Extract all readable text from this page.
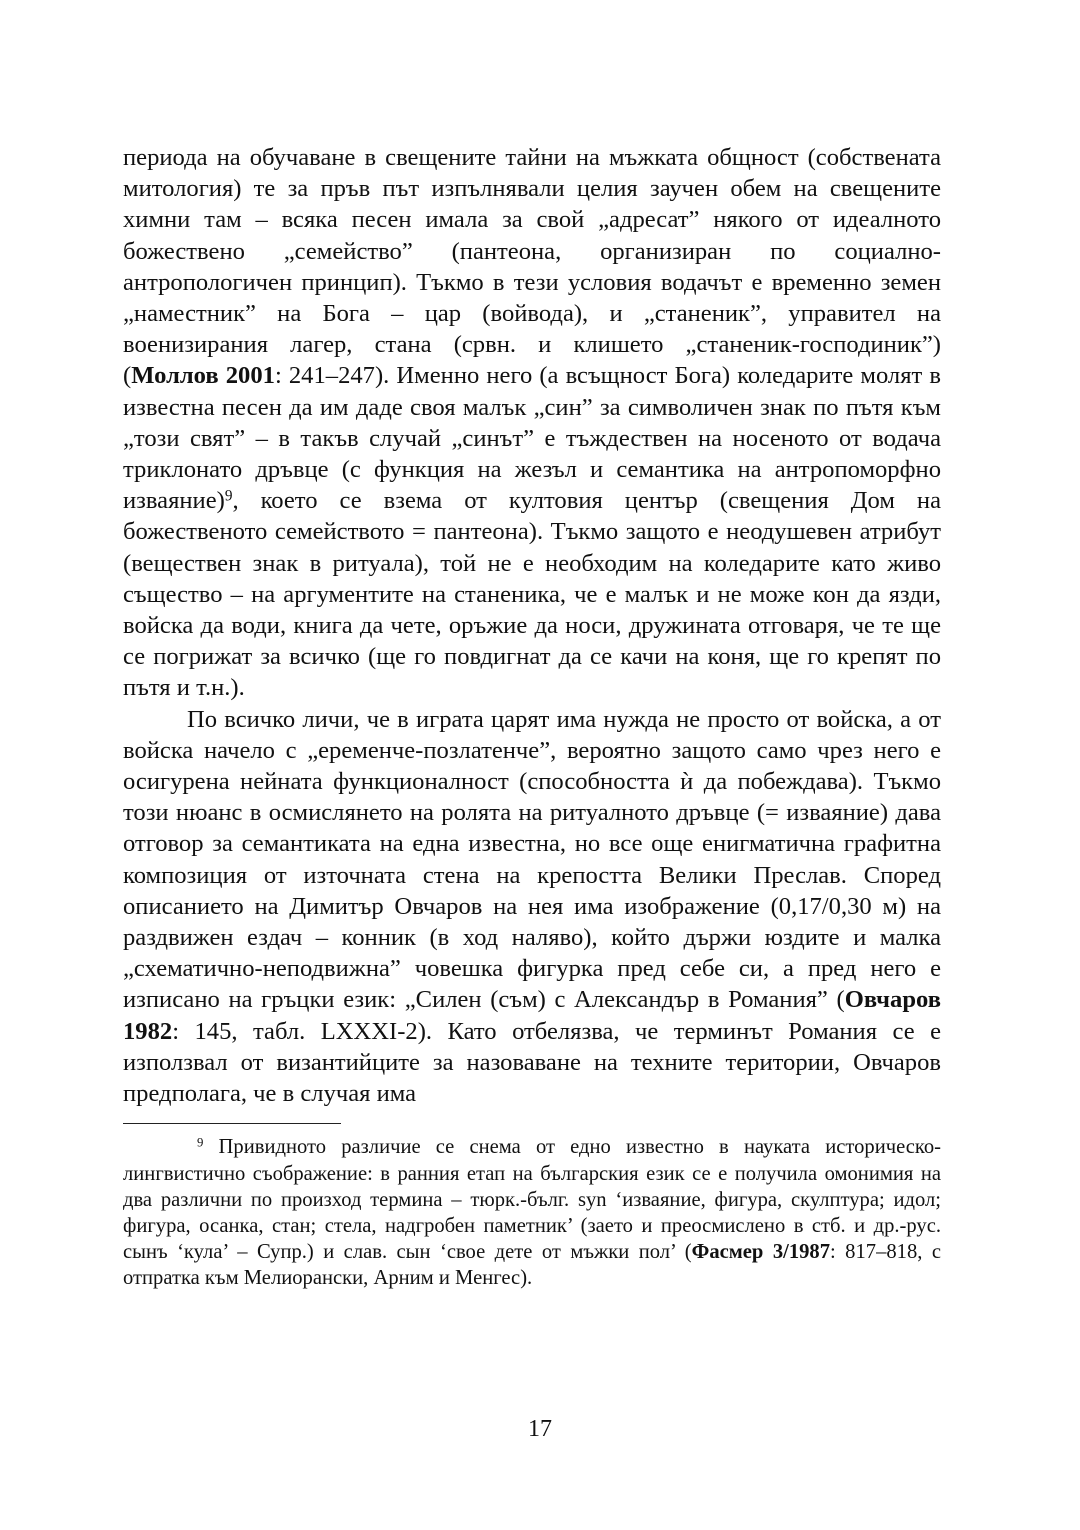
периода на обучаване в свещените тайни на мъжката общност (собствената митология) те за пръв път изпълнявали целия заучен обем на свещените химни там – всяка песен имала за свой „адресат” някого от идеалното божествено „семейство” (пантеона, организиран по социално-антропологичен принцип). Тъкмо в тези условия водачът е временно земен „наместник” на Бога – цар (войвода), и „станеник”, управител на военизирания лагер, стана (срвн. и клишето „станеник-господиник”) (Моллов 2001: 241–247). Именно него (а всъщност Бога) коледарите молят в известна песен да им даде своя малък „син” за символичен знак по пътя към „този свят” – в такъв случай „синът” е тъждествен на носеното от водача триклонато дръвце (с функция на жезъл и семантика на антропоморфно изваяние)$^9$, което се взема от култовия център (свещения Дом на божественото семейството = пантеона). Тъкмо защото е неодушевен атрибут (веществен знак в ритуала), той не е необходим на коледарите като живо същество – на аргументите на станеника, че е малък и не може кон да язди, войска да води, книга да чете, оръжие да носи, дружината отговаря, че те ще се погрижат за всичко (ще го повдигнат да се качи на коня, ще го крепят по пътя и т.н.).

По всичко личи, че в играта царят има нужда не просто от войска, а от войска начело с „еременче-позлатенче”, вероятно защото само чрез него е осигурена нейната функционалност (способността ѝ да побеждава). Тъкмо този нюанс в осмислянето на ролята на ритуалното дръвце (= изваяние) дава отговор за семантиката на една известна, но все още енигматична графитна композиция от източната стена на крепостта Велики Преслав. Според описанието на Димитър Овчаров на нея има изображение (0,17/0,30 м) на раздвижен ездач – конник (в ход наляво), който държи юздите и малка „схематично-неподвижна” човешка фигурка пред себе си, а пред него е изписано на гръцки език: „Силен (съм) с Александър в Романия” (Овчаров 1982: 145, табл. LXXXI-2). Като отбелязва, че терминът Романия се е използвал от византийците за назоваване на техните територии, Овчаров предполага, че в случая има

$^9$ Привидното различие се снема от едно известно в науката историческо-лингвистично съображение: в ранния етап на българския език се е получила омонимия на два различни по произход термина – тюрк.-бълг. syn ‘изваяние, фигура, скулптура; идол; фигура, осанка, стан; стела, надгробен паметник’ (заето и преосмислено в стб. и др.-рус. сынъ ‘кула’ – Супр.) и слав. сын ‘свое дете от мъжки пол’ (Фасмер 3/1987: 817–818, с отпратка към Мелиорански, Арним и Менгес).

17
